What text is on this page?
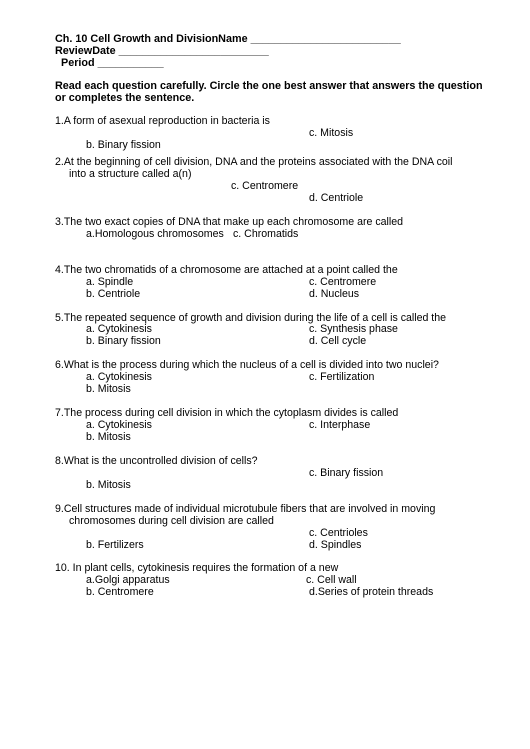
Ch. 10 Cell Growth and DivisionName _________________________
ReviewDate _________________________
Period ___________
Read each question carefully. Circle the one best answer that answers the question
or completes the sentence.
1.A form of asexual reproduction in bacteria is
c. Mitosis
b. Binary fission
2.At the beginning of cell division, DNA and the proteins associated with the DNA coil
into a structure called a(n)
c. Centromere
d. Centriole
3.The two exact copies of DNA that make up each chromosome are called
a.Homologous chromosomes c. Chromatids
4.The two chromatids of a chromosome are attached at a point called the
a. Spindle	c. Centromere
b. Centriole	d. Nucleus
5.The repeated sequence of growth and division during the life of a cell is called the
a. Cytokinesis	c. Synthesis phase
b. Binary fission	d. Cell cycle
6.What is the process during which the nucleus of a cell is divided into two nuclei?
a. Cytokinesis	c. Fertilization
b. Mitosis
7.The process during cell division in which the cytoplasm divides is called
a. Cytokinesis	c. Interphase
b. Mitosis
8.What is the uncontrolled division of cells?
c. Binary fission
b. Mitosis
9.Cell structures made of individual microtubule fibers that are involved in moving
chromosomes during cell division are called
c. Centrioles
b. Fertilizers	d. Spindles
10. In plant cells, cytokinesis requires the formation of a new
a.Golgi apparatus	c. Cell wall
b. Centromere	d.Series of protein threads
